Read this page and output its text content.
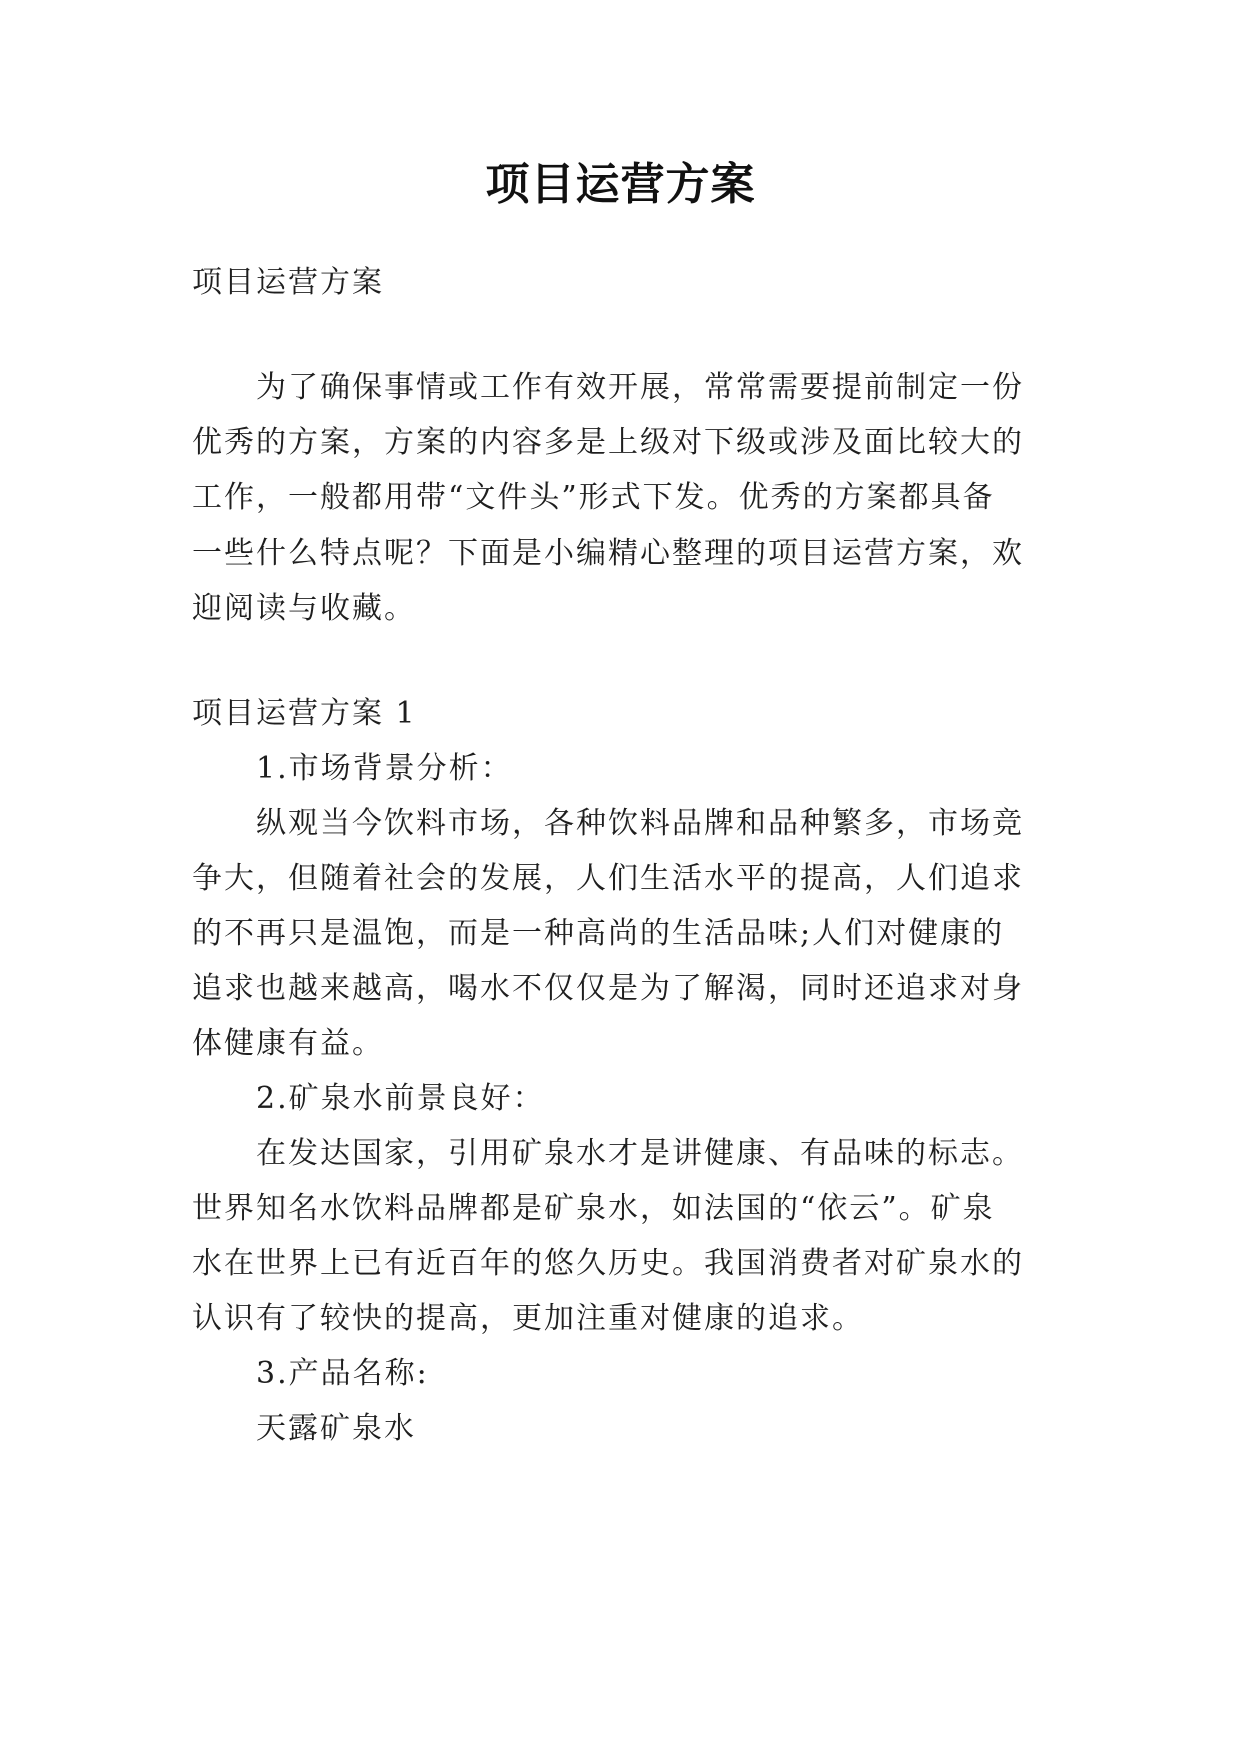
项目运营方案
项目运营方案
为了确保事情或工作有效开展，常常需要提前制定一份
优秀的方案，方案的内容多是上级对下级或涉及面比较大的
工作，一般都用带“文件头”形式下发。优秀的方案都具备
一些什么特点呢？下面是小编精心整理的项目运营方案，欢
迎阅读与收藏。
项目运营方案 1
1.市场背景分析：
纵观当今饮料市场，各种饮料品牌和品种繁多，市场竞
争大，但随着社会的发展，人们生活水平的提高，人们追求
的不再只是温饱，而是一种高尚的生活品味;人们对健康的
追求也越来越高，喝水不仅仅是为了解渴，同时还追求对身
体健康有益。
2.矿泉水前景良好：
在发达国家，引用矿泉水才是讲健康、有品味的标志。
世界知名水饮料品牌都是矿泉水，如法国的“依云”。矿泉
水在世界上已有近百年的悠久历史。我国消费者对矿泉水的
认识有了较快的提高，更加注重对健康的追求。
3.产品名称:
天露矿泉水
